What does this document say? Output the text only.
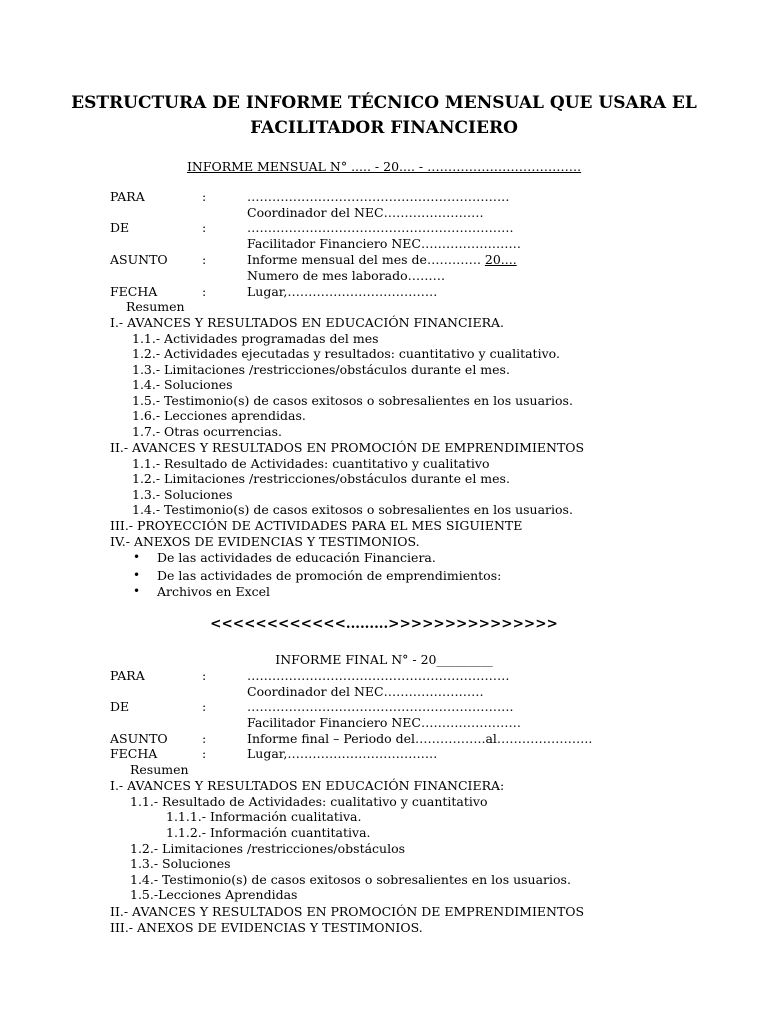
ESTRUCTURA DE INFORME TÉCNICO MENSUAL QUE USARA EL
FACILITADOR FINANCIERO
INFORME MENSUAL N° ..... - 20.... - ……………………………….
PARA	:	………………………………………………………
Coordinador del NEC……………………
DE	:	……………………………………………………….
Facilitador Financiero NEC……………………
ASUNTO	:	Informe mensual del mes de…………. 20....
Numero de mes laborado………
FECHA	:	Lugar,………………………………
Resumen
I.- AVANCES Y RESULTADOS EN EDUCACIÓN FINANCIERA.
1.1.- Actividades programadas del mes
1.2.- Actividades ejecutadas y resultados: cuantitativo y cualitativo.
1.3.- Limitaciones /restricciones/obstáculos durante el mes.
1.4.- Soluciones
1.5.- Testimonio(s) de casos exitosos o sobresalientes en los usuarios.
1.6.- Lecciones aprendidas.
1.7.- Otras ocurrencias.
II.- AVANCES Y RESULTADOS EN PROMOCIÓN DE EMPRENDIMIENTOS
1.1.- Resultado de Actividades: cuantitativo y cualitativo
1.2.- Limitaciones /restricciones/obstáculos durante el mes.
1.3.- Soluciones
1.4.- Testimonio(s) de casos exitosos o sobresalientes en los usuarios.
III.- PROYECCIÓN DE ACTIVIDADES PARA EL MES SIGUIENTE
IV.- ANEXOS DE EVIDENCIAS Y TESTIMONIOS.
• De las actividades de educación Financiera.
• De las actividades de promoción de emprendimientos:
• Archivos en Excel
<<<<<<<<<<<<.........>>>>>>>>>>>>>>>
INFORME FINAL N° - 20_________
PARA	:	………………………………………………………
Coordinador del NEC……………………
DE	:	……………………………………………………….
Facilitador Financiero NEC……………………
ASUNTO	:	Informe final – Periodo del……………..al…………………..
FECHA	:	Lugar,………………………………
Resumen
I.- AVANCES Y RESULTADOS EN EDUCACIÓN FINANCIERA:
1.1.- Resultado de Actividades: cualitativo y cuantitativo
1.1.1.- Información cualitativa.
1.1.2.- Información cuantitativa.
1.2.- Limitaciones /restricciones/obstáculos
1.3.- Soluciones
1.4.- Testimonio(s) de casos exitosos o sobresalientes en los usuarios.
1.5.-Lecciones Aprendidas
II.- AVANCES Y RESULTADOS EN PROMOCIÓN DE EMPRENDIMIENTOS
III.- ANEXOS DE EVIDENCIAS Y TESTIMONIOS.
